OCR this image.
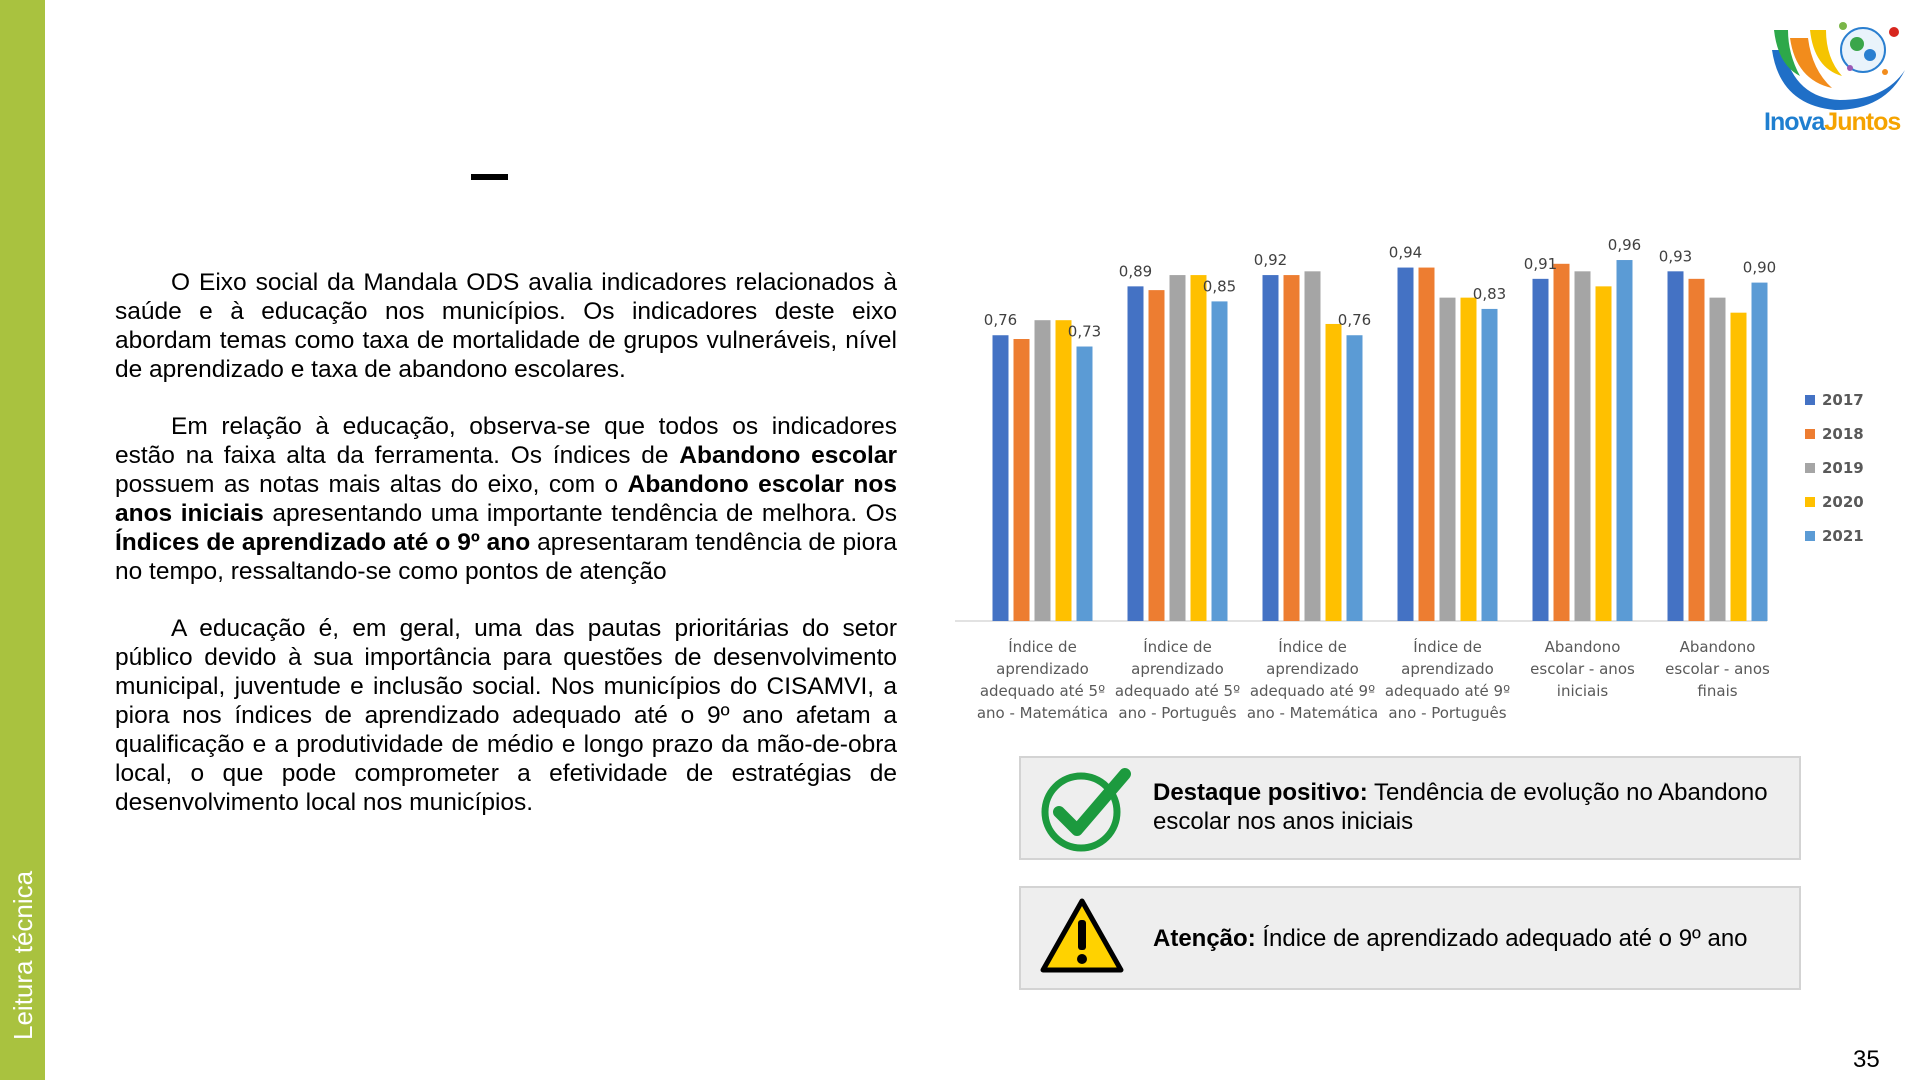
Leitura técnica

O Eixo social da Mandala ODS avalia indicadores relacionados à saúde e à educação nos municípios. Os indicadores deste eixo abordam temas como taxa de mortalidade de grupos vulneráveis, nível de aprendizado e taxa de abandono escolares.

Em relação à educação, observa-se que todos os indicadores estão na faixa alta da ferramenta. Os índices de Abandono escolar possuem as notas mais altas do eixo, com o Abandono escolar nos anos iniciais apresentando uma importante tendência de melhora. Os Índices de aprendizado até o 9º ano apresentaram tendência de piora no tempo, ressaltando-se como pontos de atenção

A educação é, em geral, uma das pautas prioritárias do setor público devido à sua importância para questões de desenvolvimento municipal, juventude e inclusão social. Nos municípios do CISAMVI, a piora nos índices de aprendizado adequado até o 9º ano afetam a qualificação e a produtividade de médio e longo prazo da mão-de-obra local, o que pode comprometer a efetividade de estratégias de desenvolvimento local nos municípios.

InovaJuntos
Índice de
aprendizado
adequado até 5º
ano - Matemática
Índice de
aprendizado
adequado até 5º
ano - Português
Índice de
aprendizado
adequado até 9º
ano - Matemática
Índice de
aprendizado
adequado até 9º
ano - Português
Abandono
escolar - anos
iniciais
Abandono
escolar - anos
finais
0,76
0,73
0,89
0,85
0,92
0,76
0,94
0,83
0,91
0,96
0,93
0,90
2017
2018
2019
2020
2021
Destaque positivo: Tendência de evolução no Abandono escolar nos anos iniciais
Atenção: Índice de aprendizado adequado até o 9º ano
35
